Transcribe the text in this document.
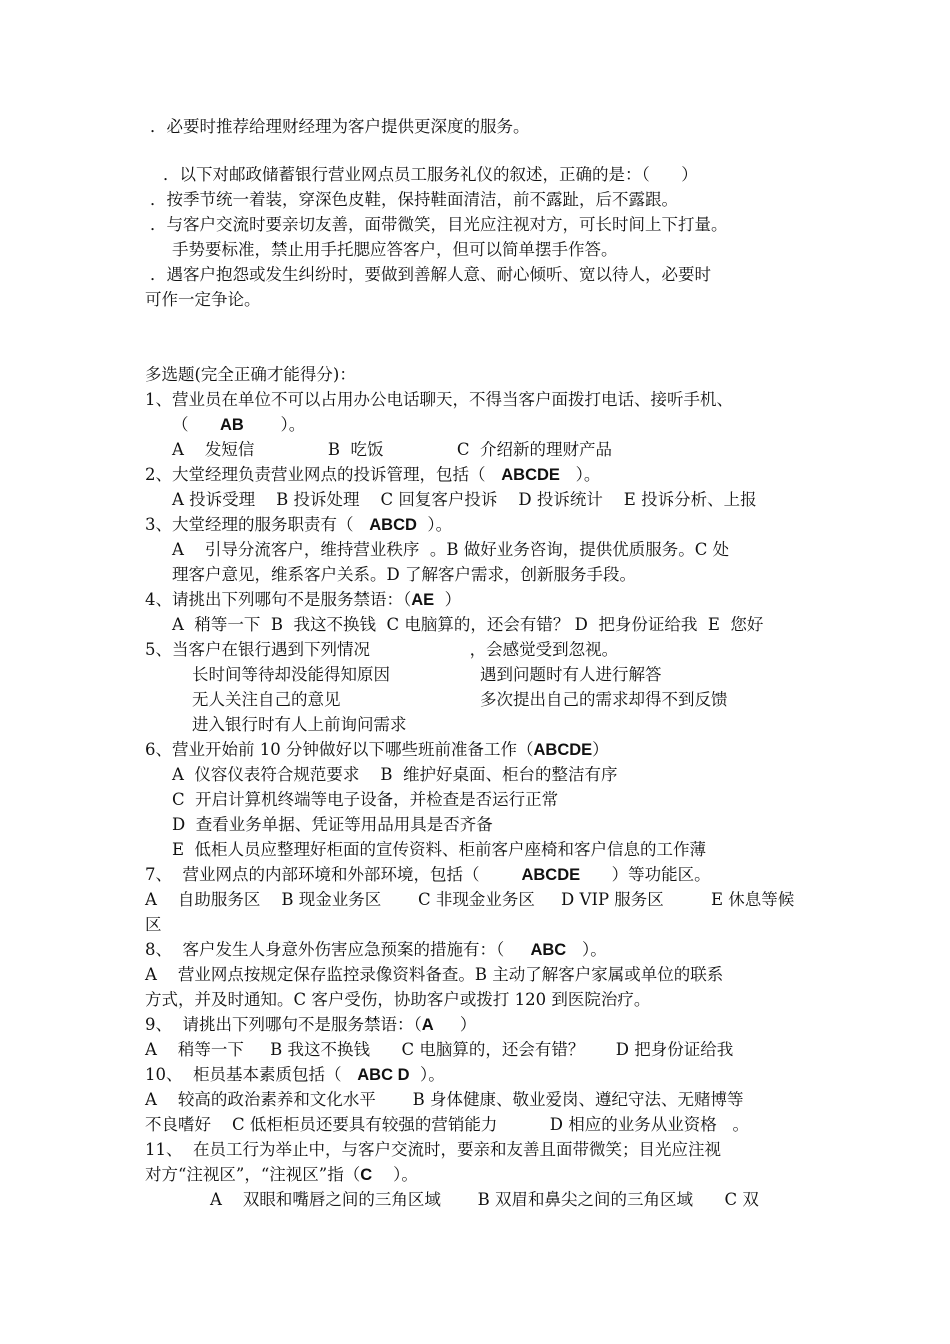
．必要时推荐给理财经理为客户提供更深度的服务。
．以下对邮政储蓄银行营业网点员工服务礼仪的叙述，正确的是：（      ）
．按季节统一着装，穿深色皮鞋，保持鞋面清洁，前不露趾，后不露跟。
．与客户交流时要亲切友善，面带微笑，目光应注视对方，可长时间上下打量。
手势要标准，禁止用手托腮应答客户，但可以简单摆手作答。
．遇客户抱怨或发生纠纷时，要做到善解人意、耐心倾听、宽以待人，必要时
可作一定争论。
多选题(完全正确才能得分)：
1、营业员在单位不可以占用办公电话聊天，不得当客户面拨打电话、接听手机、
（      AB       ）。
A    发短信              B  吃饭              C  介绍新的理财产品
2、大堂经理负责营业网点的投诉管理，包括（   ABCDE   ）。
A 投诉受理    B 投诉处理    C 回复客户投诉    D 投诉统计    E 投诉分析、上报
3、大堂经理的服务职责有（   ABCD  ）。
A    引导分流客户，维持营业秩序  。B 做好业务咨询，提供优质服务。C 处
理客户意见，维系客户关系。D 了解客户需求，创新服务手段。
4、请挑出下列哪句不是服务禁语：（AE  ）
A  稍等一下  B  我这不换钱  C 电脑算的，还会有错？ D  把身份证给我  E  您好
5、当客户在银行遇到下列情况                   ，会感觉受到忽视。
长时间等待却没能得知原因	遇到问题时有人进行解答
无人关注自己的意见	多次提出自己的需求却得不到反馈
进入银行时有人上前询问需求
6、营业开始前 10 分钟做好以下哪些班前准备工作（ABCDE）
A  仪容仪表符合规范要求    B  维护好桌面、柜台的整洁有序
C  开启计算机终端等电子设备，并检查是否运行正常
D  查看业务单据、凭证等用品用具是否齐备
E  低柜人员应整理好柜面的宣传资料、柜前客户座椅和客户信息的工作薄
7、  营业网点的内部环境和外部环境，包括（        ABCDE      ）等功能区。
A    自助服务区    B 现金业务区       C 非现金业务区     D VIP 服务区         E 休息等候
区
8、  客户发生人身意外伤害应急预案的措施有：（     ABC   ）。
A    营业网点按规定保存监控录像资料备查。B 主动了解客户家属或单位的联系
方式，并及时通知。C 客户受伤，协助客户或拨打 120 到医院治疗。
9、  请挑出下列哪句不是服务禁语：（A     ）
A    稍等一下     B 我这不换钱      C 电脑算的，还会有错？      D 把身份证给我
10、  柜员基本素质包括（   ABC D  ）。
A    较高的政治素养和文化水平       B 身体健康、敬业爱岗、遵纪守法、无赌博等
不良嗜好    C 低柜柜员还要具有较强的营销能力          D 相应的业务从业资格   。
11、  在员工行为举止中，与客户交流时，要亲和友善且面带微笑；目光应注视
对方“注视区”，“注视区”指（C    ）。
A    双眼和嘴唇之间的三角区域       B 双眉和鼻尖之间的三角区域      C 双
